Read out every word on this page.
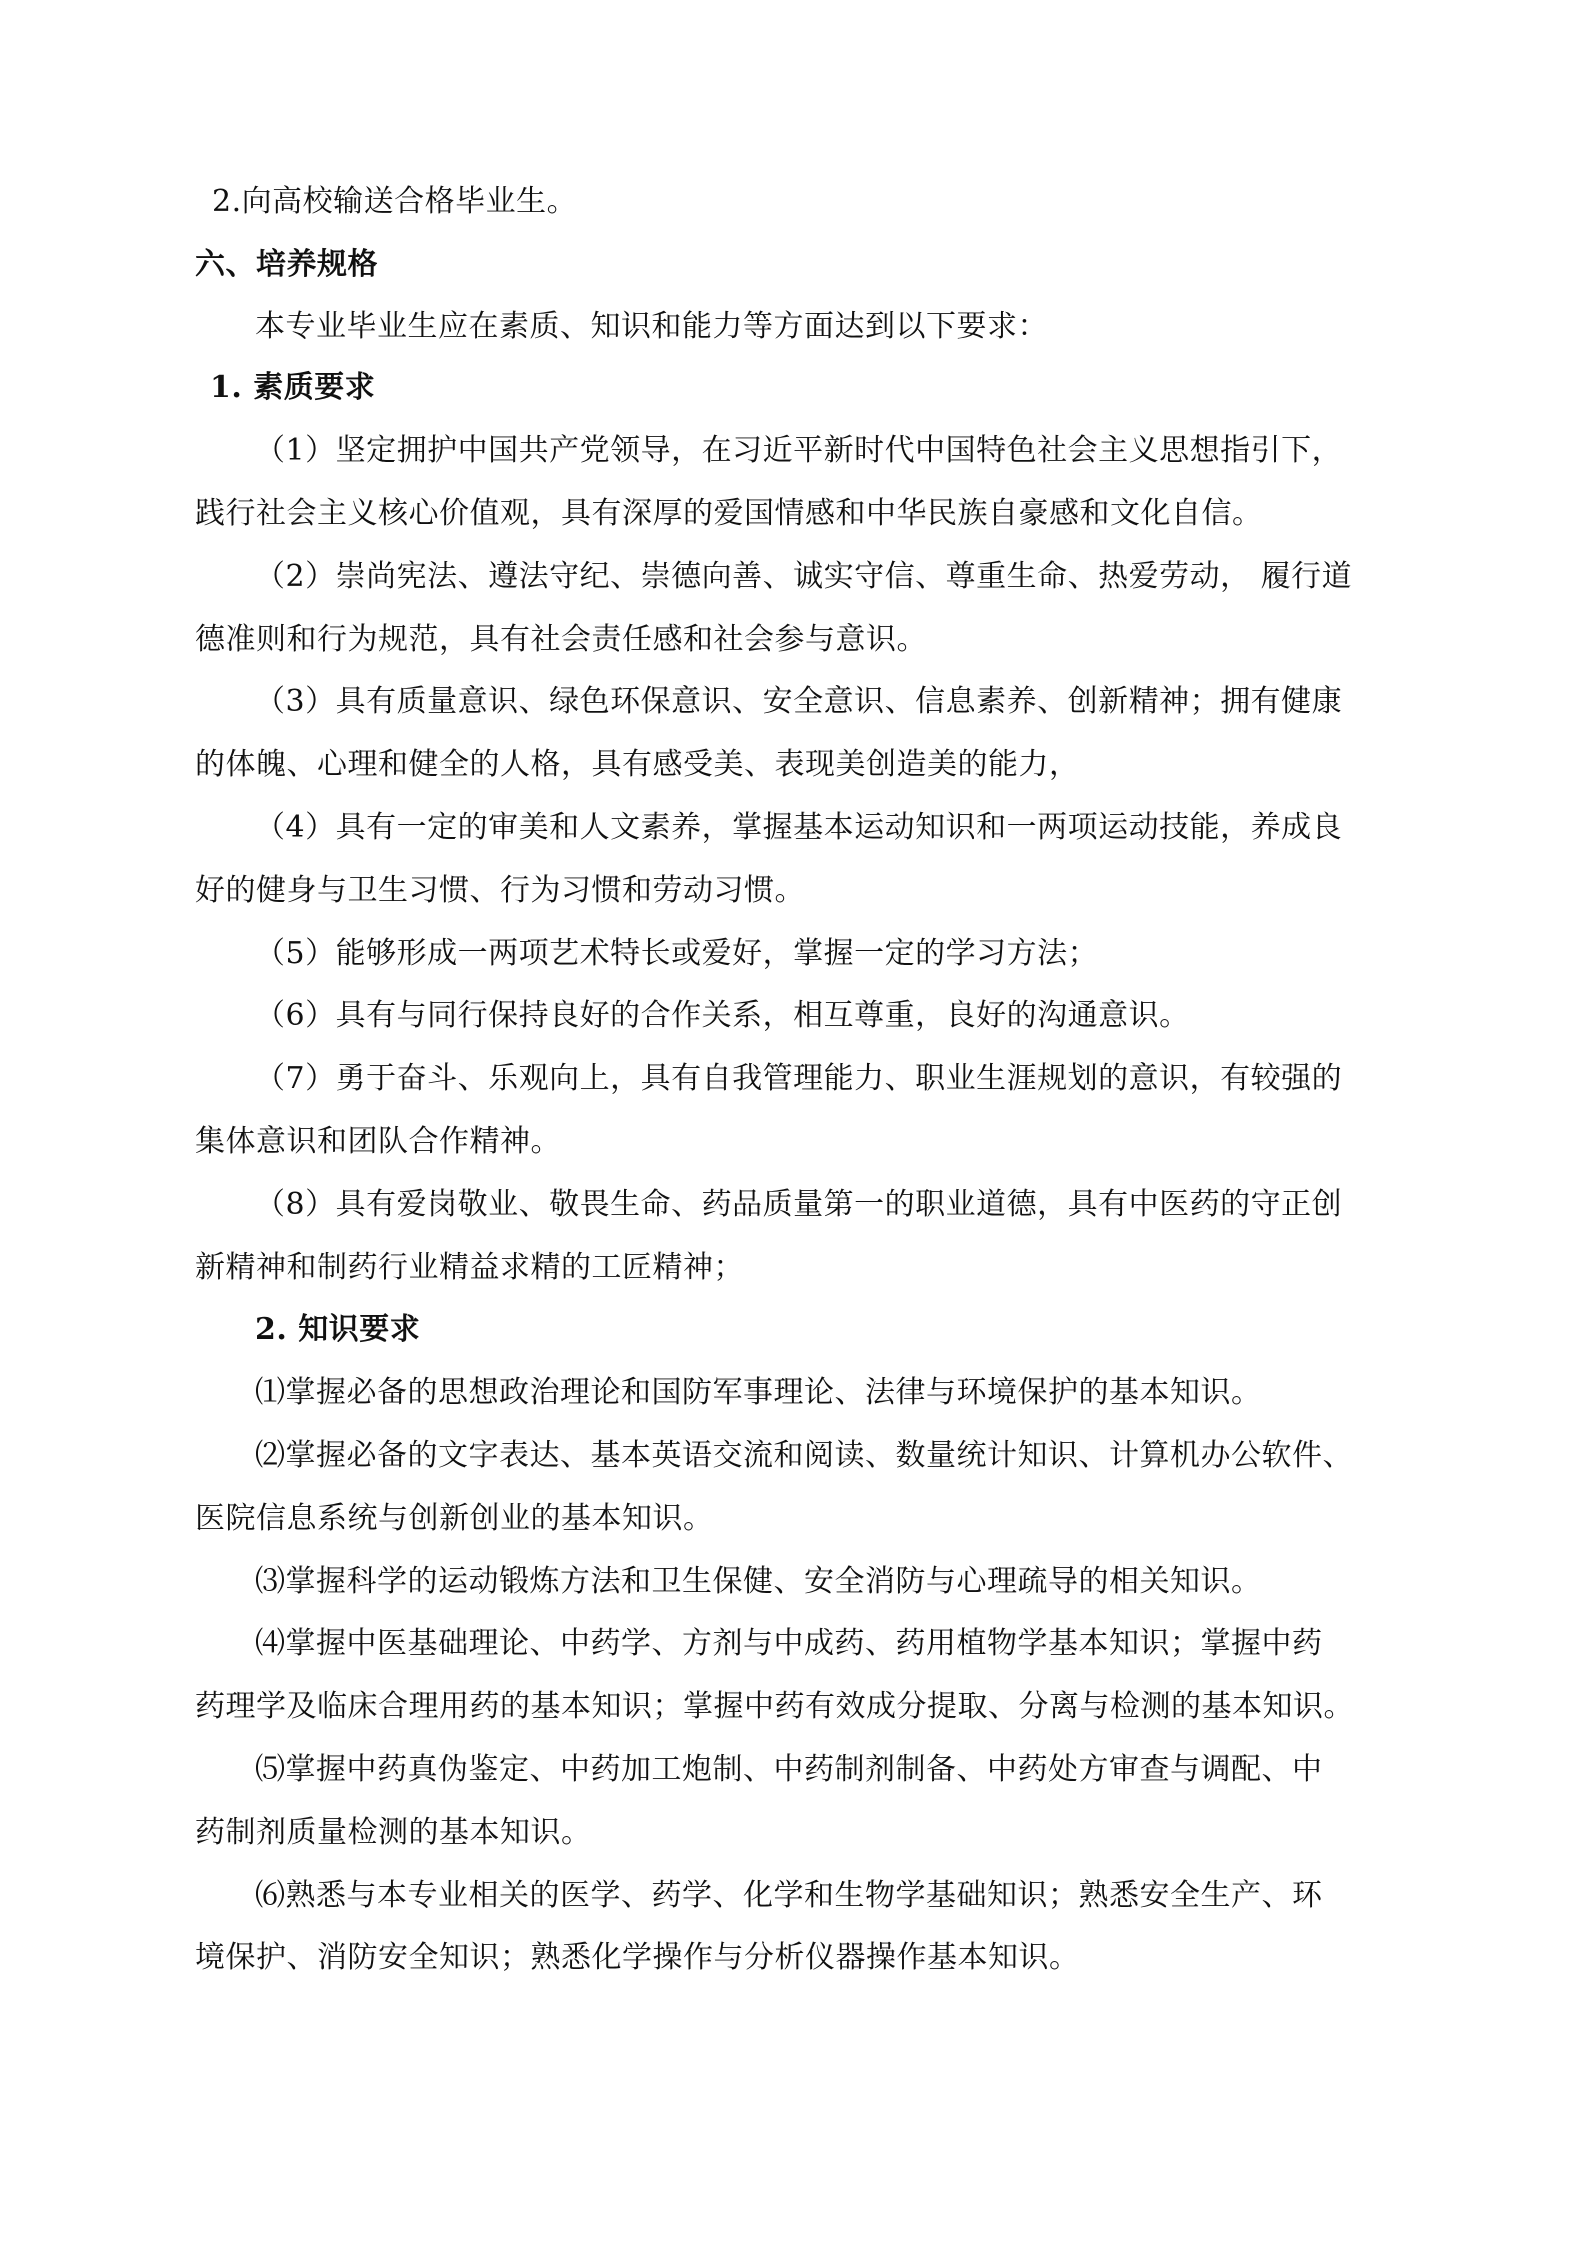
2.向高校输送合格毕业生。
六、培养规格
本专业毕业生应在素质、知识和能力等方面达到以下要求：
1. 素质要求
（1）坚定拥护中国共产党领导，在习近平新时代中国特色社会主义思想指引下，
践行社会主义核心价值观，具有深厚的爱国情感和中华民族自豪感和文化自信。
（2）崇尚宪法、遵法守纪、崇德向善、诚实守信、尊重生命、热爱劳动， 履行道
德准则和行为规范，具有社会责任感和社会参与意识。
（3）具有质量意识、绿色环保意识、安全意识、信息素养、创新精神；拥有健康
的体魄、心理和健全的人格，具有感受美、表现美创造美的能力，
（4）具有一定的审美和人文素养，掌握基本运动知识和一两项运动技能，养成良
好的健身与卫生习惯、行为习惯和劳动习惯。
（5）能够形成一两项艺术特长或爱好，掌握一定的学习方法；
（6）具有与同行保持良好的合作关系，相互尊重，良好的沟通意识。
（7）勇于奋斗、乐观向上，具有自我管理能力、职业生涯规划的意识，有较强的
集体意识和团队合作精神。
（8）具有爱岗敬业、敬畏生命、药品质量第一的职业道德，具有中医药的守正创
新精神和制药行业精益求精的工匠精神；
2. 知识要求
⑴掌握必备的思想政治理论和国防军事理论、法律与环境保护的基本知识。
⑵掌握必备的文字表达、基本英语交流和阅读、数量统计知识、计算机办公软件、
医院信息系统与创新创业的基本知识。
⑶掌握科学的运动锻炼方法和卫生保健、安全消防与心理疏导的相关知识。
⑷掌握中医基础理论、中药学、方剂与中成药、药用植物学基本知识；掌握中药
药理学及临床合理用药的基本知识；掌握中药有效成分提取、分离与检测的基本知识。
⑸掌握中药真伪鉴定、中药加工炮制、中药制剂制备、中药处方审查与调配、中
药制剂质量检测的基本知识。
⑹熟悉与本专业相关的医学、药学、化学和生物学基础知识；熟悉安全生产、环
境保护、消防安全知识；熟悉化学操作与分析仪器操作基本知识。
